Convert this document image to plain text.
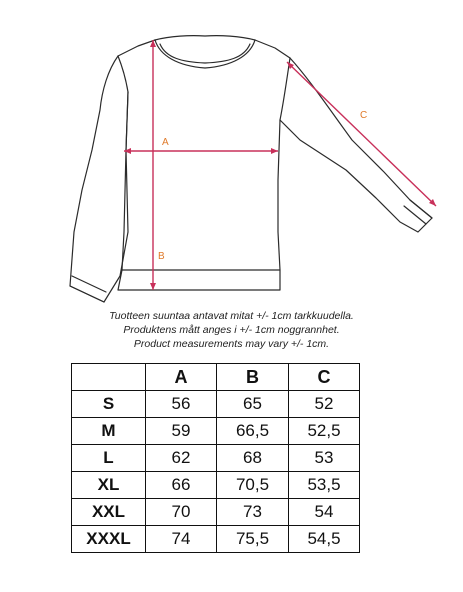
A
B
C
Tuotteen suuntaa antavat mitat +/- 1cm tarkkuudella.
Produktens mått anges i +/- 1cm noggrannhet.
Product measurements may vary +/- 1cm.
	A	B	C
S	56	65	52
M	59	66,5	52,5
L	62	68	53
XL	66	70,5	53,5
XXL	70	73	54
XXXL	74	75,5	54,5
